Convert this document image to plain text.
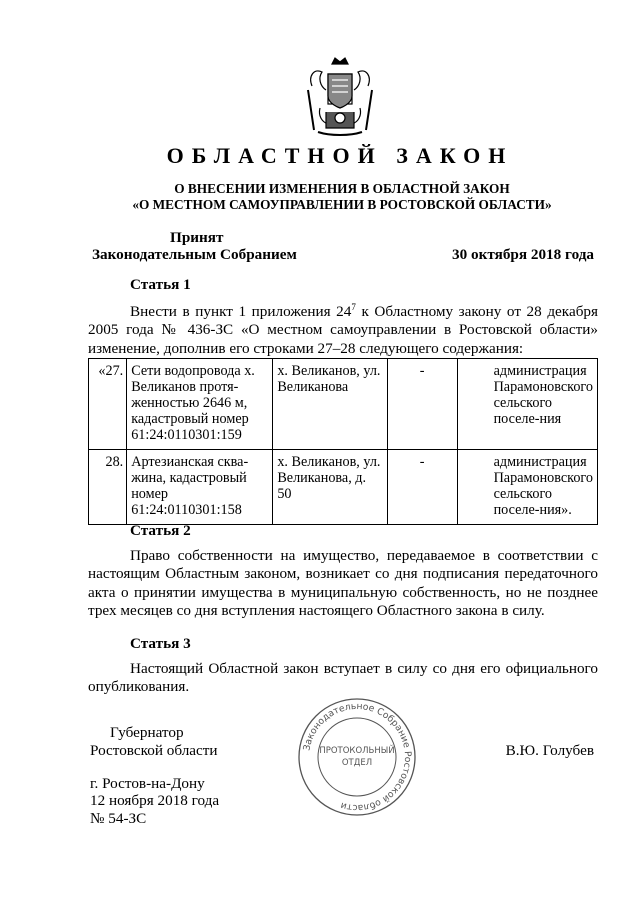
ОБЛАСТНОЙ ЗАКОН
О ВНЕСЕНИИ ИЗМЕНЕНИЯ В ОБЛАСТНОЙ ЗАКОН
«О МЕСТНОМ САМОУПРАВЛЕНИИ В РОСТОВСКОЙ ОБЛАСТИ»
Принят
Законодательным Собранием	30 октября 2018 года
Статья 1
Внести в пункт 1 приложения $24^7$ к Областному закону от 28 декабря 2005 года № 436-ЗС «О местном самоуправлении в Ростовской области» изменение, дополнив его строками 27–28 следующего содержания:
«27.	Сети водопровода х. Великанов протя-женностью 2646 м, кадастровый номер 61:24:0110301:159	х. Великанов, ул. Великанова	-	администрация Парамоновского сельского поселе-ния
28.	Артезианская сква-жина, кадастровый номер 61:24:0110301:158	х. Великанов, ул. Великанова, д. 50	-	администрация Парамоновского сельского поселе-ния».
Статья 2
Право собственности на имущество, передаваемое в соответствии с настоящим Областным законом, возникает со дня подписания передаточного акта о принятии имущества в муниципальную собственность, но не позднее трех месяцев со дня вступления настоящего Областного закона в силу.
Статья 3
Настоящий Областной закон вступает в силу со дня его официального опубликования.
Губернатор
Ростовской области	В.Ю. Голубев
Законодательное Собрание Ростовской области
ПРОТОКОЛЬНЫЙ
ОТДЕЛ
г. Ростов-на-Дону
12 ноября 2018 года
№ 54-ЗС
